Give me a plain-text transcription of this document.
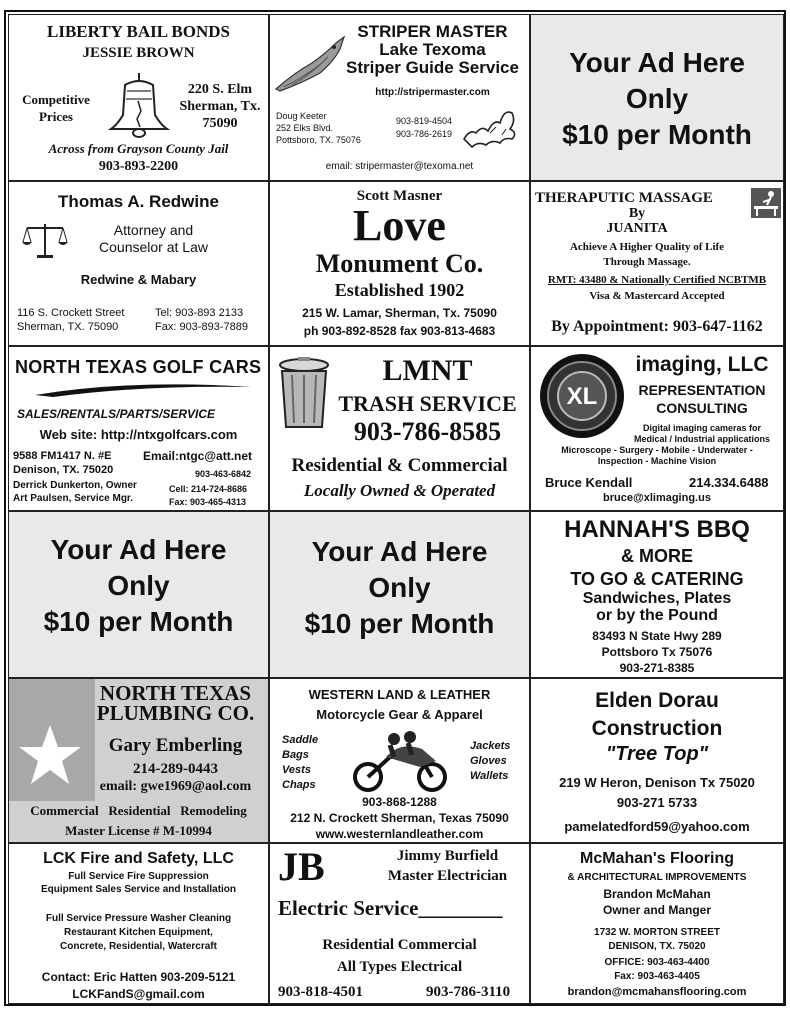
LIBERTY BAIL BONDS
JESSIE BROWN
Competitive
Prices
220 S. Elm
Sherman, Tx.
75090
Across from Grayson County Jail
903-893-2200
STRIPER MASTER
Lake Texoma
Striper Guide Service
http://stripermaster.com
Doug Keeter
252 Elks Blvd.
Pottsboro, TX. 75076
903-819-4504
903-786-2619
email: stripermaster@texoma.net
Your Ad Here
Only
$10 per Month
Thomas A. Redwine
Attorney and
Counselor at Law
Redwine & Mabary
116 S. Crockett Street
Sherman, TX. 75090
Tel: 903-893 2133
Fax: 903-893-7889
Scott Masner
Love
Monument Co.
Established 1902
215 W. Lamar, Sherman, Tx. 75090
ph 903-892-8528 fax 903-813-4683
THERAPUTIC MASSAGE
By
JUANITA
Achieve A Higher Quality of Life
Through Massage.
RMT: 43480 & Nationally Certified NCBTMB
Visa & Mastercard Accepted
By Appointment: 903-647-1162
NORTH TEXAS GOLF CARS
SALES/RENTALS/PARTS/SERVICE
Web site: http://ntxgolfcars.com
9588 FM1417 N. #E
Denison, TX. 75020
Email:ntgc@att.net
903-463-6842
Derrick Dunkerton, Owner
Art Paulsen, Service Mgr.
Cell: 214-724-8686
Fax: 903-465-4313
LMNT
TRASH SERVICE
903-786-8585
Residential & Commercial
Locally Owned & Operated
XL
imaging, LLC
REPRESENTATION
CONSULTING
Digital imaging cameras for
Medical / Industrial applications
Microscope - Surgery - Mobile - Underwater -
Inspection - Machine Vision
Bruce Kendall	214.334.6488
bruce@xlimaging.us
Your Ad Here
Only
$10 per Month
Your Ad Here
Only
$10 per Month
HANNAH'S BBQ
& MORE
TO GO & CATERING
Sandwiches, Plates
or by the Pound
83493 N State Hwy 289
Pottsboro Tx 75076
903-271-8385
NORTH TEXAS
PLUMBING CO.
Gary Emberling
214-289-0443
email: gwe1969@aol.com
Commercial   Residential   Remodeling
Master License # M-10994
WESTERN LAND & LEATHER
Motorcycle Gear & Apparel
Saddle
Bags
Vests
Chaps
Jackets
Gloves
Wallets
903-868-1288
212 N. Crockett Sherman, Texas 75090
www.westernlandleather.com
Elden Dorau
Construction
"Tree Top"
219 W Heron, Denison Tx 75020
903-271 5733
pamelatedford59@yahoo.com
LCK Fire and Safety, LLC
Full Service Fire Suppression
Equipment Sales Service and Installation
Full Service Pressure Washer Cleaning
Restaurant Kitchen Equipment,
Concrete, Residential, Watercraft
Contact: Eric Hatten 903-209-5121
LCKFandS@gmail.com
JB	Jimmy Burfield
Master Electrician
Electric Service________
Residential Commercial
All Types Electrical
903-818-4501	903-786-3110
McMahan's Flooring
& ARCHITECTURAL IMPROVEMENTS
Brandon McMahan
Owner and Manger
1732 W. MORTON STREET
DENISON, TX. 75020
OFFICE: 903-463-4400
Fax: 903-463-4405
brandon@mcmahansflooring.com
